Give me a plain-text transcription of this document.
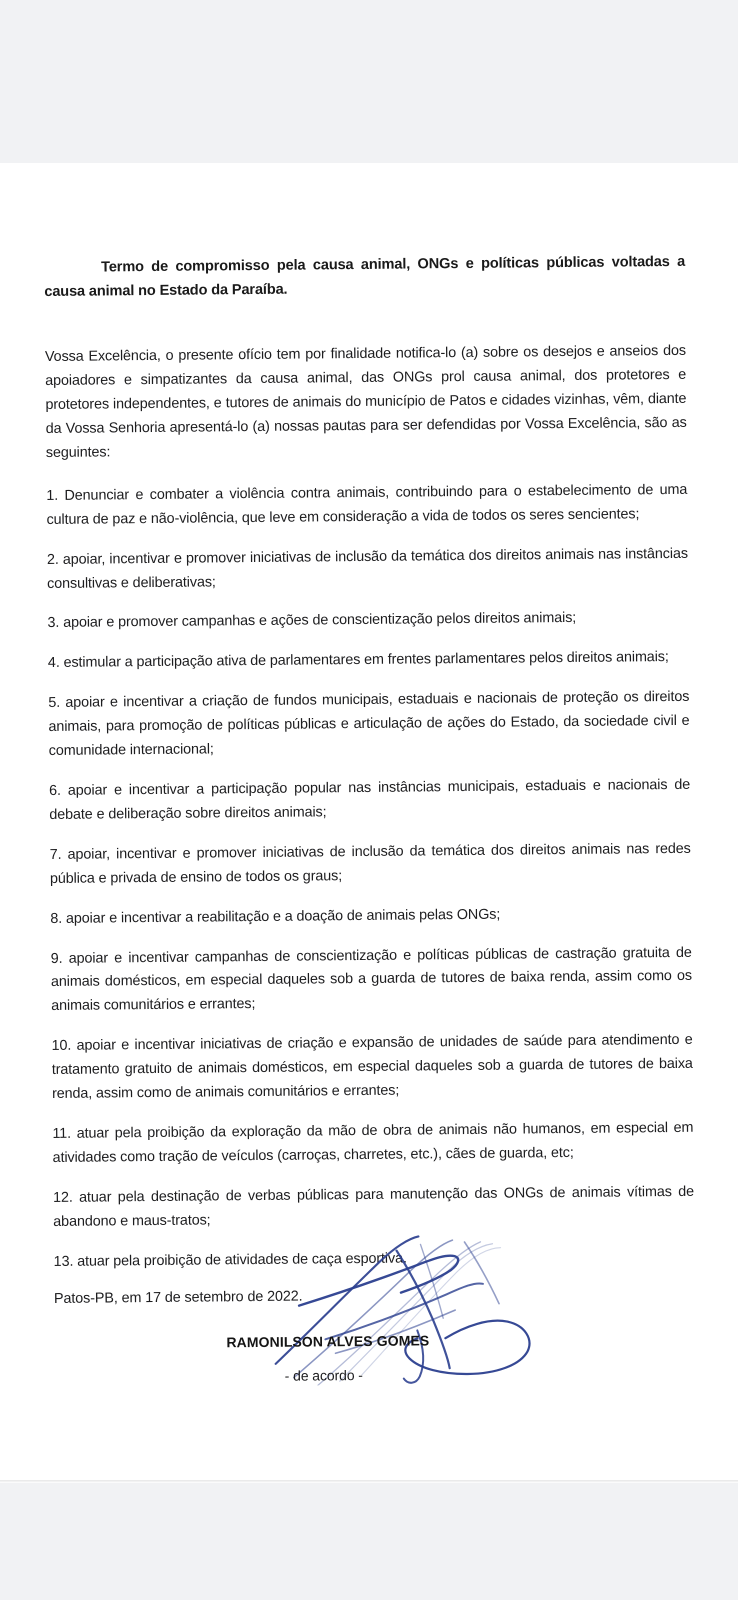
Termo de compromisso pela causa animal, ONGs e políticas públicas voltadas a causa animal no Estado da Paraíba.

Vossa Excelência, o presente ofício tem por finalidade notifica-lo (a) sobre os desejos e anseios dos apoiadores e simpatizantes da causa animal, das ONGs prol causa animal, dos protetores e protetores independentes, e tutores de animais do município de Patos e cidades vizinhas, vêm, diante da Vossa Senhoria apresentá-lo (a) nossas pautas para ser defendidas por Vossa Excelência, são as seguintes:

1. Denunciar e combater a violência contra animais, contribuindo para o estabelecimento de uma cultura de paz e não-violência, que leve em consideração a vida de todos os seres sencientes;

2. apoiar, incentivar e promover iniciativas de inclusão da temática dos direitos animais nas instâncias consultivas e deliberativas;

3. apoiar e promover campanhas e ações de conscientização pelos direitos animais;

4. estimular a participação ativa de parlamentares em frentes parlamentares pelos direitos animais;

5. apoiar e incentivar a criação de fundos municipais, estaduais e nacionais de proteção os direitos animais, para promoção de políticas públicas e articulação de ações do Estado, da sociedade civil e comunidade internacional;

6. apoiar e incentivar a participação popular nas instâncias municipais, estaduais e nacionais de debate e deliberação sobre direitos animais;

7. apoiar, incentivar e promover iniciativas de inclusão da temática dos direitos animais nas redes pública e privada de ensino de todos os graus;

8. apoiar e incentivar a reabilitação e a doação de animais pelas ONGs;

9. apoiar e incentivar campanhas de conscientização e políticas públicas de castração gratuita de animais domésticos, em especial daqueles sob a guarda de tutores de baixa renda, assim como os animais comunitários e errantes;

10. apoiar e incentivar iniciativas de criação e expansão de unidades de saúde para atendimento e tratamento gratuito de animais domésticos, em especial daqueles sob a guarda de tutores de baixa renda, assim como de animais comunitários e errantes;

11. atuar pela proibição da exploração da mão de obra de animais não humanos, em especial em atividades como tração de veículos (carroças, charretes, etc.), cães de guarda, etc;

12. atuar pela destinação de verbas públicas para manutenção das ONGs de animais vítimas de abandono e maus-tratos;

13. atuar pela proibição de atividades de caça esportiva.

Patos-PB, em 17 de setembro de 2022.

RAMONILSON ALVES GOMES
- de acordo -
